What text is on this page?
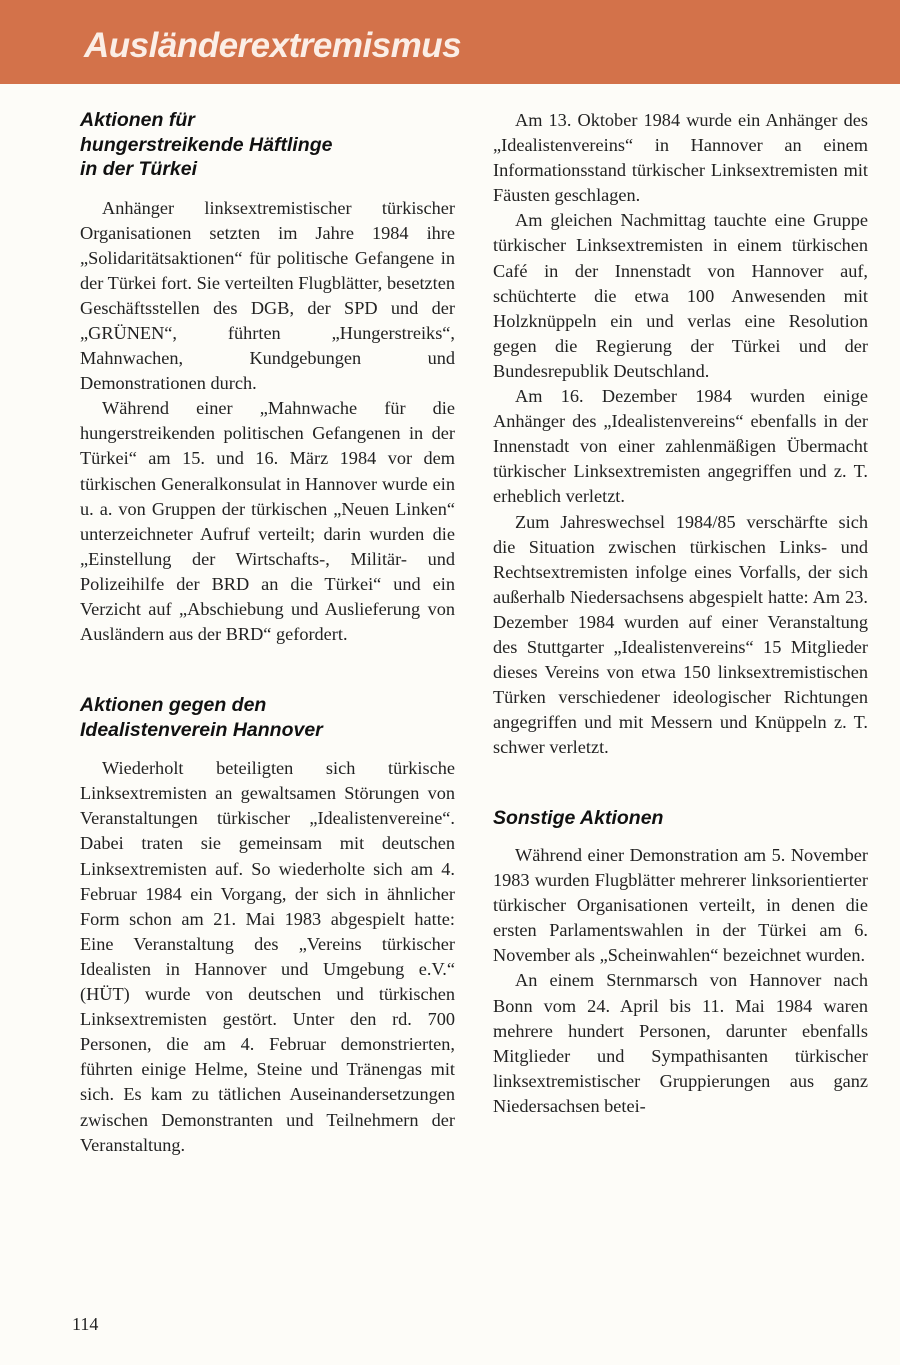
Ausländerextremismus
Aktionen für
hungerstreikende Häftlinge
in der Türkei

Anhänger linksextremistischer türkischer Organisationen setzten im Jahre 1984 ihre „Solidaritätsaktionen“ für politische Gefangene in der Türkei fort. Sie verteilten Flugblätter, besetzten Geschäftsstellen des DGB, der SPD und der „GRÜNEN“, führten „Hungerstreiks“, Mahnwachen, Kundgebungen und Demonstrationen durch.

Während einer „Mahnwache für die hungerstreikenden politischen Gefangenen in der Türkei“ am 15. und 16. März 1984 vor dem türkischen Generalkonsulat in Hannover wurde ein u. a. von Gruppen der türkischen „Neuen Linken“ unterzeichneter Aufruf verteilt; darin wurden die „Einstellung der Wirtschafts-, Militär- und Polizeihilfe der BRD an die Türkei“ und ein Verzicht auf „Abschiebung und Auslieferung von Ausländern aus der BRD“ gefordert.

Aktionen gegen den
Idealistenverein Hannover

Wiederholt beteiligten sich türkische Linksextremisten an gewaltsamen Störungen von Veranstaltungen türkischer „Idealistenvereine“. Dabei traten sie gemeinsam mit deutschen Linksextremisten auf. So wiederholte sich am 4. Februar 1984 ein Vorgang, der sich in ähnlicher Form schon am 21. Mai 1983 abgespielt hatte: Eine Veranstaltung des „Vereins türkischer Idealisten in Hannover und Umgebung e.V.“ (HÜT) wurde von deutschen und türkischen Linksextremisten gestört. Unter den rd. 700 Personen, die am 4. Februar demonstrierten, führten einige Helme, Steine und Tränengas mit sich. Es kam zu tätlichen Auseinandersetzungen zwischen Demonstranten und Teilnehmern der Veranstaltung.

Am 13. Oktober 1984 wurde ein Anhänger des „Idealistenvereins“ in Hannover an einem Informationsstand türkischer Linksextremisten mit Fäusten geschlagen.

Am gleichen Nachmittag tauchte eine Gruppe türkischer Linksextremisten in einem türkischen Café in der Innenstadt von Hannover auf, schüchterte die etwa 100 Anwesenden mit Holzknüppeln ein und verlas eine Resolution gegen die Regierung der Türkei und der Bundesrepublik Deutschland.

Am 16. Dezember 1984 wurden einige Anhänger des „Idealistenvereins“ ebenfalls in der Innenstadt von einer zahlenmäßigen Übermacht türkischer Linksextremisten angegriffen und z. T. erheblich verletzt.

Zum Jahreswechsel 1984/85 verschärfte sich die Situation zwischen türkischen Links- und Rechtsextremisten infolge eines Vorfalls, der sich außerhalb Niedersachsens abgespielt hatte: Am 23. Dezember 1984 wurden auf einer Veranstaltung des Stuttgarter „Idealistenvereins“ 15 Mitglieder dieses Vereins von etwa 150 linksextremistischen Türken verschiedener ideologischer Richtungen angegriffen und mit Messern und Knüppeln z. T. schwer verletzt.

Sonstige Aktionen

Während einer Demonstration am 5. November 1983 wurden Flugblätter mehrerer linksorientierter türkischer Organisationen verteilt, in denen die ersten Parlamentswahlen in der Türkei am 6. November als „Scheinwahlen“ bezeichnet wurden.

An einem Sternmarsch von Hannover nach Bonn vom 24. April bis 11. Mai 1984 waren mehrere hundert Personen, darunter ebenfalls Mitglieder und Sympathisanten türkischer linksextremistischer Gruppierungen aus ganz Niedersachsen betei-

114
